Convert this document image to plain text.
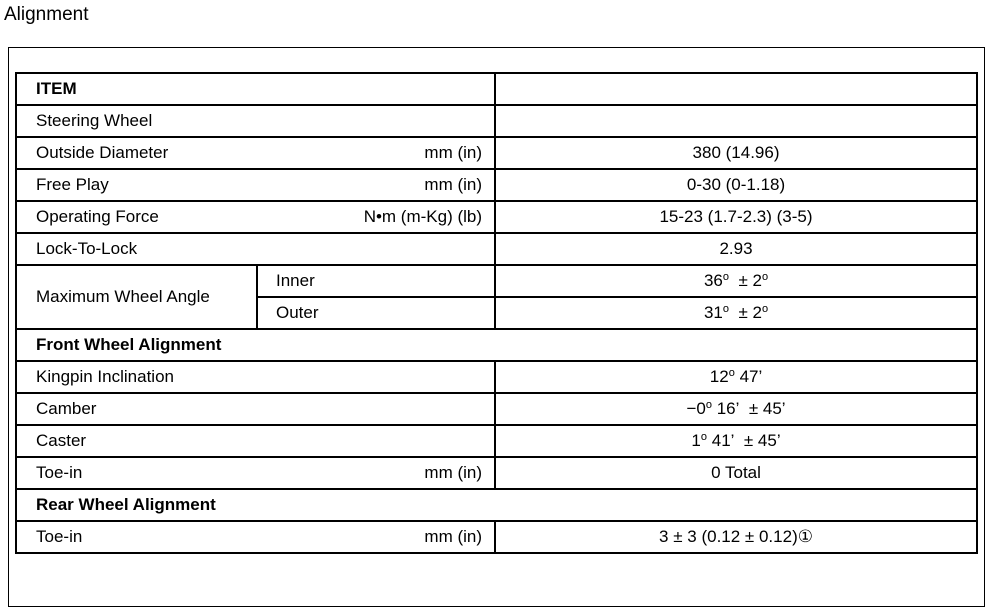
Alignment
ITEM		
Steering Wheel		

Outside Diameter mm (in)		380 (14.96)

Free Play mm (in)		0-30 (0-1.18)

Operating Force N•m (m-Kg) (lb)		15-23 (1.7-2.3) (3-5)
Lock-To-Lock		2.93
Maximum Wheel Angle	Inner	$36^o \pm 2^o$
	Outer	$31^o \pm 2^o$
Front Wheel Alignment		
Kingpin Inclination		12$^o$ 47’
Camber		$-0^o$ 16’ ± 45’
Caster		1$^o$ 41’ ± 45’

Toe-in mm (in)		0 Total
Rear Wheel Alignment		

Toe-in mm (in)		3 ± 3 (0.12 ± 0.12)①
